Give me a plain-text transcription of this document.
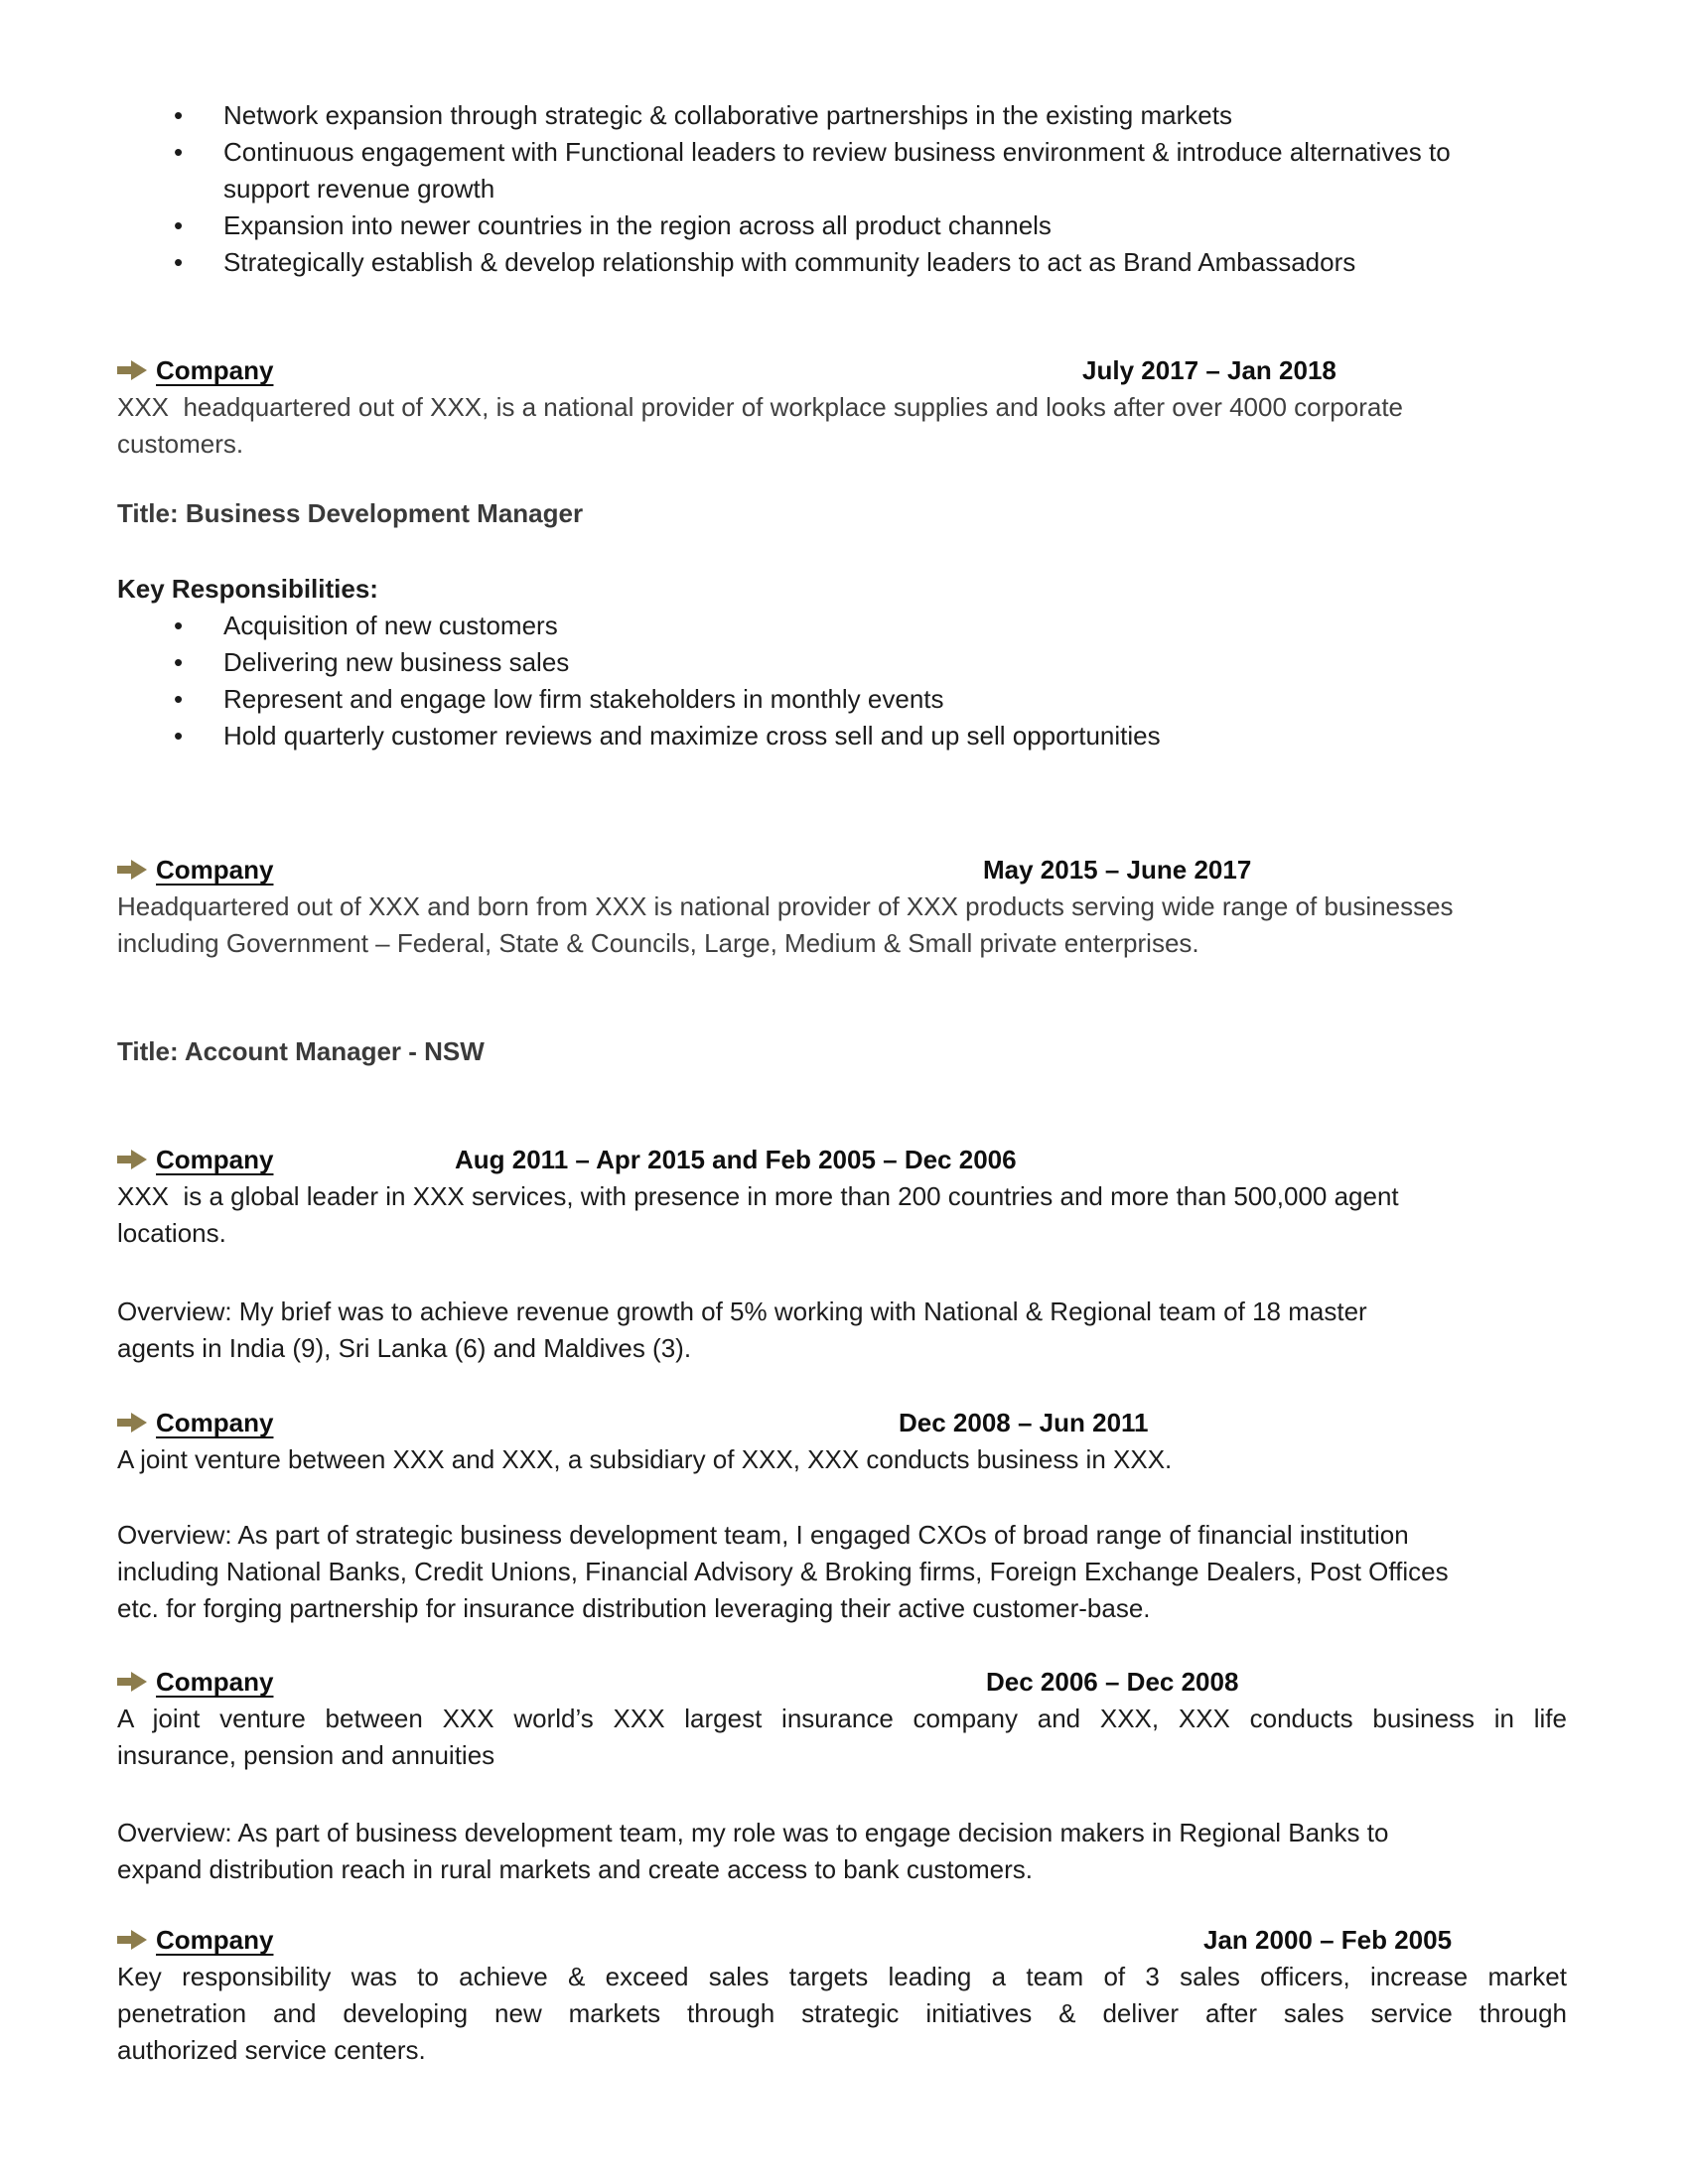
• Network expansion through strategic & collaborative partnerships in the existing markets
• Continuous engagement with Functional leaders to review business environment & introduce alternatives to
support revenue growth
• Expansion into newer countries in the region across all product channels
• Strategically establish & develop relationship with community leaders to act as Brand Ambassadors

Company	July 2017 – Jan 2018

XXX  headquartered out of XXX, is a national provider of workplace supplies and looks after over 4000 corporate
customers.

Title: Business Development Manager

Key Responsibilities:

• Acquisition of new customers
• Delivering new business sales
• Represent and engage low firm stakeholders in monthly events
• Hold quarterly customer reviews and maximize cross sell and up sell opportunities

Company	May 2015 – June 2017

Headquartered out of XXX and born from XXX is national provider of XXX products serving wide range of businesses
including Government – Federal, State & Councils, Large, Medium & Small private enterprises.

Title: Account Manager - NSW

Company	Aug 2011 – Apr 2015 and Feb 2005 – Dec 2006

XXX  is a global leader in XXX services, with presence in more than 200 countries and more than 500,000 agent
locations.

Overview: My brief was to achieve revenue growth of 5% working with National & Regional team of 18 master
agents in India (9), Sri Lanka (6) and Maldives (3).

Company	Dec 2008 – Jun 2011

A joint venture between XXX and XXX, a subsidiary of XXX, XXX conducts business in XXX.

Overview: As part of strategic business development team, I engaged CXOs of broad range of financial institution
including National Banks, Credit Unions, Financial Advisory & Broking firms, Foreign Exchange Dealers, Post Offices
etc. for forging partnership for insurance distribution leveraging their active customer-base.

Company	Dec 2006 – Dec 2008

A joint venture between XXX world’s XXX largest insurance company and XXX, XXX conducts business in life
insurance, pension and annuities

Overview: As part of business development team, my role was to engage decision makers in Regional Banks to
expand distribution reach in rural markets and create access to bank customers.

Company	Jan 2000 – Feb 2005

Key responsibility was to achieve & exceed sales targets leading a team of 3 sales officers, increase market
penetration and developing new markets through strategic initiatives & deliver after sales service through
authorized service centers.
